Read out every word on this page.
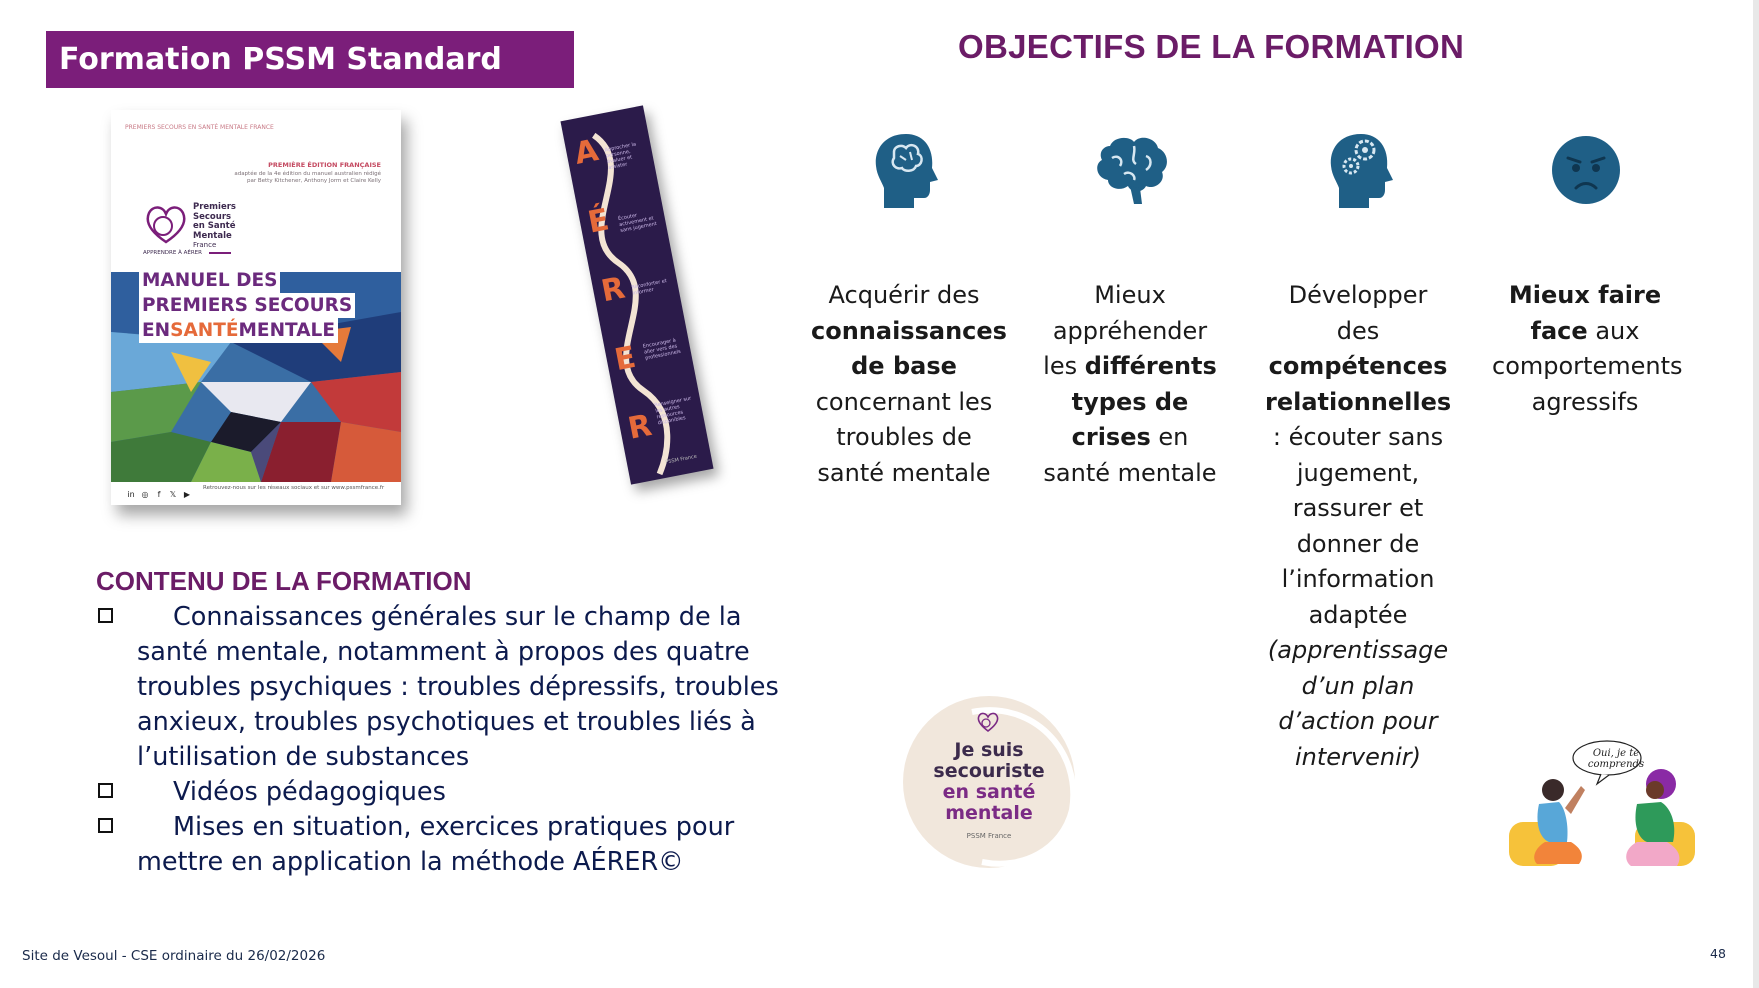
Formation PSSM Standard	OBJECTIFS DE LA FORMATION
PREMIERS SECOURS EN SANTÉ MENTALE FRANCE
PREMIÈRE ÉDITION FRANÇAISE
adaptée de la 4e édition du manuel australien rédigé par Betty Kitchener, Anthony Jorm et Claire Kelly
Premiers
Secours
en Santé
Mentale
France
APPRENDRE À AÉRER
MANUEL DES
PREMIERS SECOURS
ENSANTÉMENTALE
in ◎ f 𝕏 ▶
Retrouvez-nous sur les réseaux sociaux et sur www.pssmfrance.fr
A
É
R
E
R
Approcher la personne, évaluer et assister
Écouter activement et sans jugement
Réconforter et informer
Encourager à aller vers des professionnels
Renseigner sur les autres ressources disponibles
PSSM France
CONTENU DE LA FORMATION
Connaissances générales sur le champ de la santé mentale, notamment à propos des quatre troubles psychiques : troubles dépressifs, troubles anxieux, troubles psychotiques et troubles liés à l’utilisation de substances
Vidéos pédagogiques
Mises en situation, exercices pratiques pour mettre en application la méthode AÉRER©
Acquérir des connaissances de base concernant les troubles de santé mentale
Mieux appréhender les différents types de crises en santé mentale
Développer des compétences relationnelles : écouter sans jugement, rassurer et donner de l’information adaptée (apprentissage d’un plan d’action pour intervenir)
Mieux faire face aux comportements agressifs
Je suis secouriste
en santé mentale
PSSM France
Oui, je te comprends
Site de Vesoul - CSE ordinaire du 26/02/2026	48
